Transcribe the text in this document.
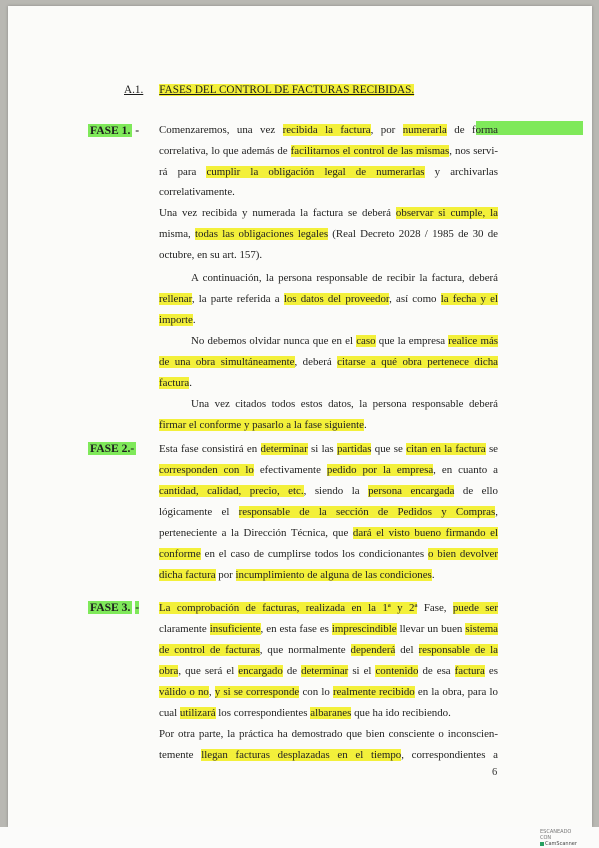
A.1. FASES DEL CONTROL DE FACTURAS RECIBIDAS.
FASE 1. -
FASE 2.-
FASE 3. -
Comenzaremos, una vez recibida la factura, por numerarla de forma
correlativa, lo que además de facilitarnos el control de las mismas, nos servi-
rá para cumplir la obligación legal de numerarlas y archivarlas
correlativamente.
Una vez recibida y numerada la factura se deberá observar si cumple, la
misma, todas las obligaciones legales (Real Decreto 2028 / 1985 de 30 de
octubre, en su art. 157).
A continuación, la persona responsable de recibir la factura, deberá
rellenar, la parte referida a los datos del proveedor, así como la fecha y el
importe.
No debemos olvidar nunca que en el caso que la empresa realice más
de una obra simultáneamente, deberá citarse a qué obra pertenece dicha
factura.
Una vez citados todos estos datos, la persona responsable deberá
firmar el conforme y pasarlo a la fase siguiente.
Esta fase consistirá en determinar si las partidas que se citan en la factura se
corresponden con lo efectivamente pedido por la empresa, en cuanto a
cantidad, calidad, precio, etc., siendo la persona encargada de ello
lógicamente el responsable de la sección de Pedidos y Compras,
perteneciente a la Dirección Técnica, que dará el visto bueno firmando el
conforme en el caso de cumplirse todos los condicionantes o bien devolver
dicha factura por incumplimiento de alguna de las condiciones.
La comprobación de facturas, realizada en la 1ª y 2ª Fase, puede ser
claramente insuficiente, en esta fase es imprescindible llevar un buen sistema
de control de facturas, que normalmente dependerá del responsable de la
obra, que será el encargado de determinar si el contenido de esa factura es
válido o no, y si se corresponde con lo realmente recibido en la obra, para lo
cual utilizará los correspondientes albaranes que ha ido recibiendo.
Por otra parte, la práctica ha demostrado que bien consciente o inconscien-
temente llegan facturas desplazadas en el tiempo, correspondientes a
6
ESCANEADO CON
CamScanner
